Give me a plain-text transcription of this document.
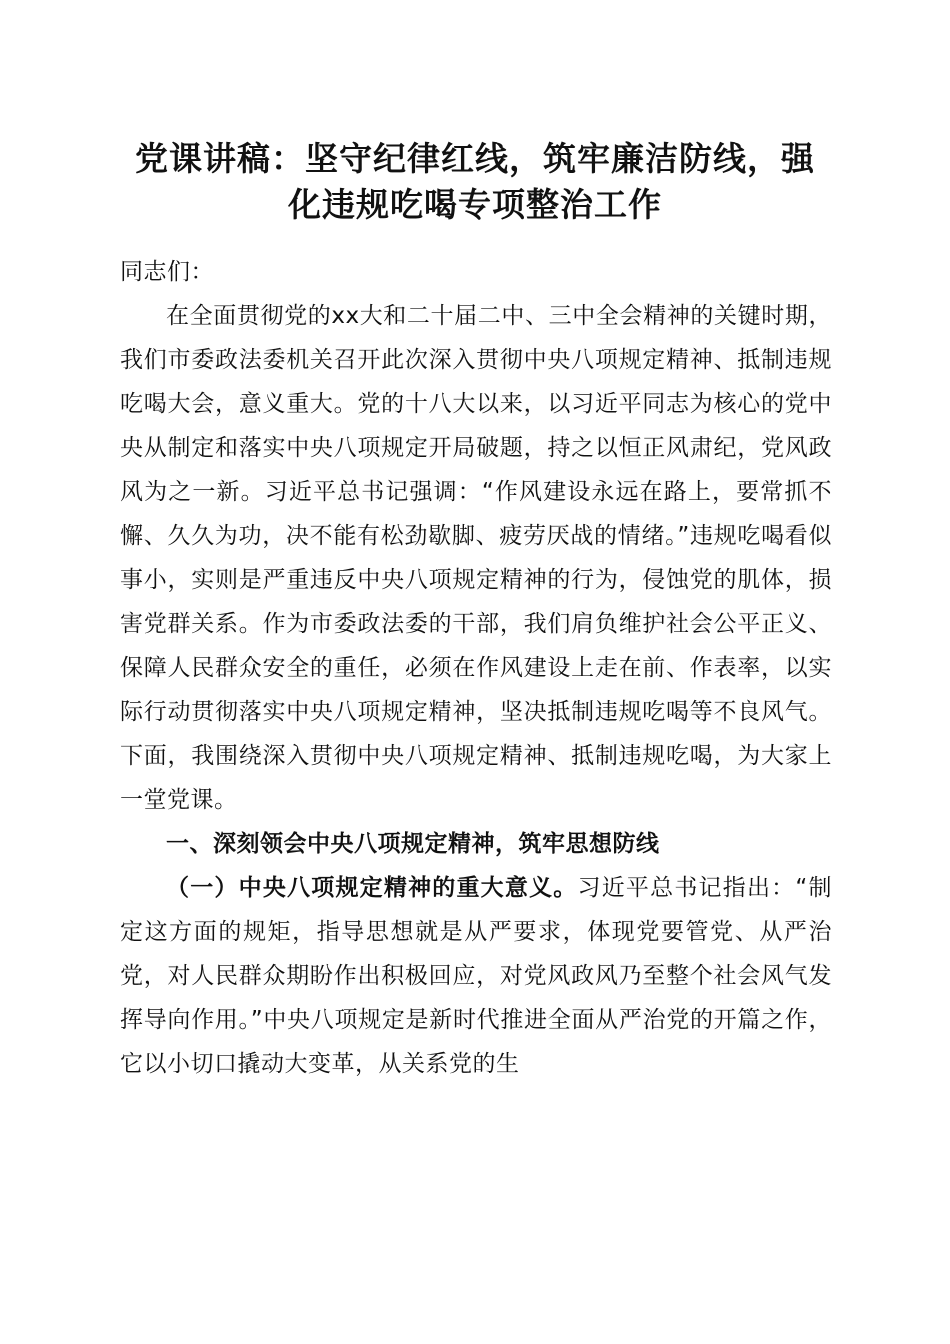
党课讲稿：坚守纪律红线，筑牢廉洁防线，强
化违规吃喝专项整治工作

同志们：

在全面贯彻党的xx大和二十届二中、三中全会精神的关键时期，我们市委政法委机关召开此次深入贯彻中央八项规定精神、抵制违规吃喝大会，意义重大。党的十八大以来，以习近平同志为核心的党中央从制定和落实中央八项规定开局破题，持之以恒正风肃纪，党风政风为之一新。习近平总书记强调：“作风建设永远在路上，要常抓不懈、久久为功，决不能有松劲歇脚、疲劳厌战的情绪。”违规吃喝看似事小，实则是严重违反中央八项规定精神的行为，侵蚀党的肌体，损害党群关系。作为市委政法委的干部，我们肩负维护社会公平正义、保障人民群众安全的重任，必须在作风建设上走在前、作表率，以实际行动贯彻落实中央八项规定精神，坚决抵制违规吃喝等不良风气。下面，我围绕深入贯彻中央八项规定精神、抵制违规吃喝，为大家上一堂党课。

一、深刻领会中央八项规定精神，筑牢思想防线

（一）中央八项规定精神的重大意义。习近平总书记指出：“制定这方面的规矩，指导思想就是从严要求，体现党要管党、从严治党，对人民群众期盼作出积极回应，对党风政风乃至整个社会风气发挥导向作用。”中央八项规定是新时代推进全面从严治党的开篇之作，它以小切口撬动大变革，从关系党的生
